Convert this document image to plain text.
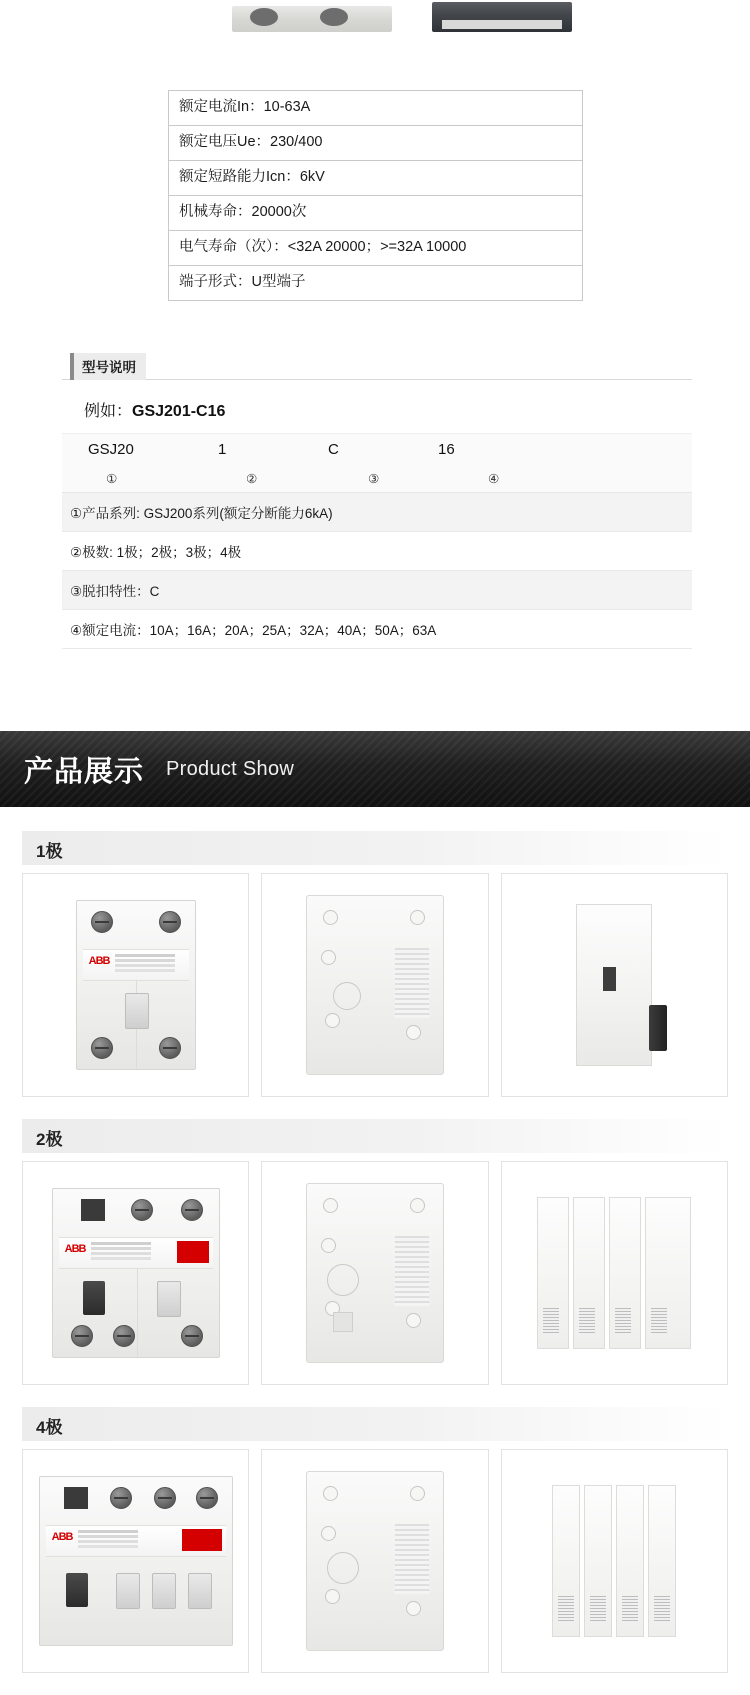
额定电流In：10-63A
额定电压Ue：230/400
额定短路能力Icn：6kV
机械寿命：20000次
电气寿命（次）：<32A 20000；>=32A 10000
端子形式：U型端子
型号说明
例如：GSJ201-C16
GSJ20	1	C	16
①	②	③	④
①产品系列: GSJ200系列(额定分断能力6kA)
②极数: 1极；2极；3极；4极
③脱扣特性：C
④额定电流：10A；16A；20A；25A；32A；40A；50A；63A
产品展示 Product Show
1极
ABB
2极
ABB
4极
ABB
